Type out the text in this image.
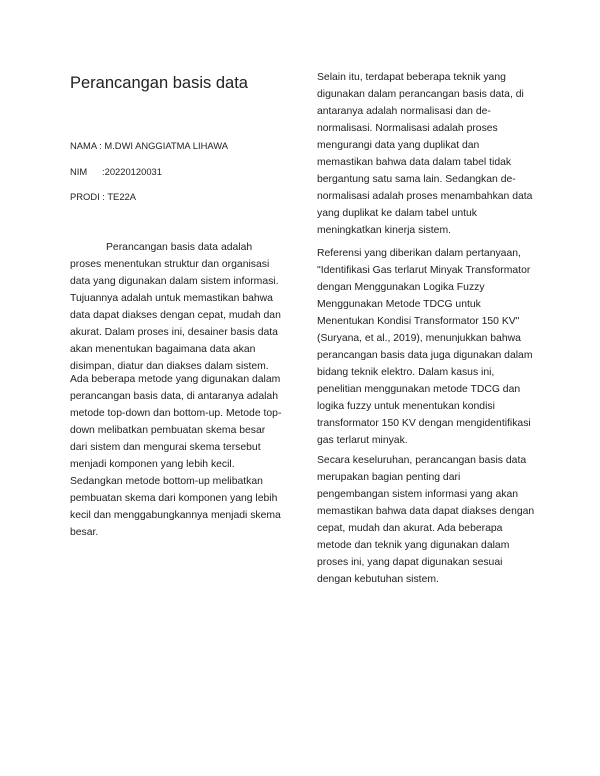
Perancangan basis data
NAMA : M.DWI ANGGIATMA LIHAWA
NIM :20220120031
PRODI : TE22A

Perancangan basis data adalah proses menentukan struktur dan organisasi data yang digunakan dalam sistem informasi. Tujuannya adalah untuk memastikan bahwa data dapat diakses dengan cepat, mudah dan akurat. Dalam proses ini, desainer basis data akan menentukan bagaimana data akan disimpan, diatur dan diakses dalam sistem.

Ada beberapa metode yang digunakan dalam perancangan basis data, di antaranya adalah metode top-down dan bottom-up. Metode top-down melibatkan pembuatan skema besar dari sistem dan mengurai skema tersebut menjadi komponen yang lebih kecil. Sedangkan metode bottom-up melibatkan pembuatan skema dari komponen yang lebih kecil dan menggabungkannya menjadi skema besar.

Selain itu, terdapat beberapa teknik yang digunakan dalam perancangan basis data, di antaranya adalah normalisasi dan de-normalisasi. Normalisasi adalah proses mengurangi data yang duplikat dan memastikan bahwa data dalam tabel tidak bergantung satu sama lain. Sedangkan de-normalisasi adalah proses menambahkan data yang duplikat ke dalam tabel untuk meningkatkan kinerja sistem.

Referensi yang diberikan dalam pertanyaan, "Identifikasi Gas terlarut Minyak Transformator dengan Menggunakan Logika Fuzzy Menggunakan Metode TDCG untuk Menentukan Kondisi Transformator 150 KV" (Suryana, et al., 2019), menunjukkan bahwa perancangan basis data juga digunakan dalam bidang teknik elektro. Dalam kasus ini, penelitian menggunakan metode TDCG dan logika fuzzy untuk menentukan kondisi transformator 150 KV dengan mengidentifikasi gas terlarut minyak.

Secara keseluruhan, perancangan basis data merupakan bagian penting dari pengembangan sistem informasi yang akan memastikan bahwa data dapat diakses dengan cepat, mudah dan akurat. Ada beberapa metode dan teknik yang digunakan dalam proses ini, yang dapat digunakan sesuai dengan kebutuhan sistem.
